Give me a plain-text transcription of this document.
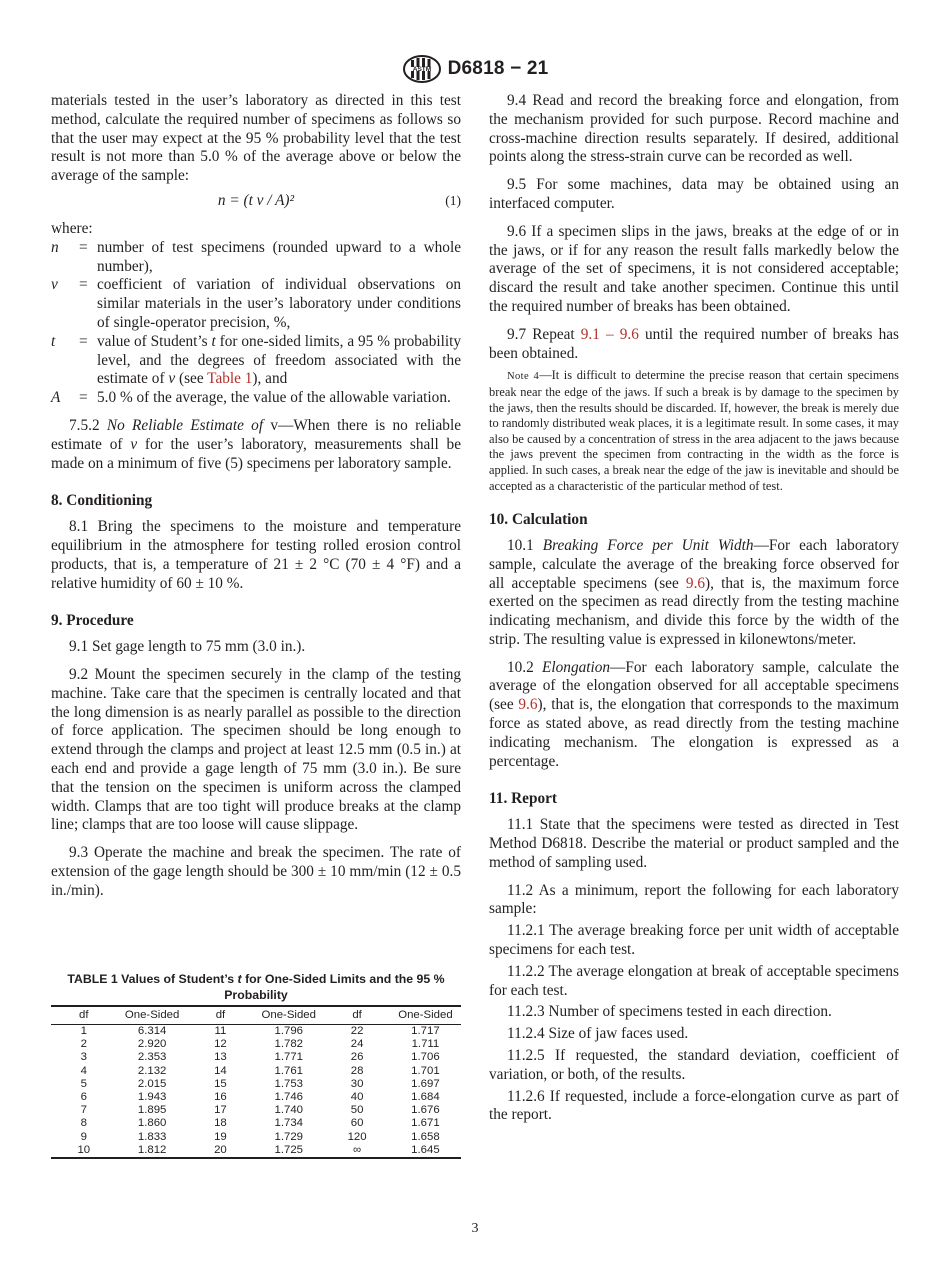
ASTM D6818 − 21

materials tested in the user’s laboratory as directed in this test method, calculate the required number of specimens as follows so that the user may expect at the 95 % probability level that the test result is not more than 5.0 % of the average above or below the average of the sample:

n = (t v / A)²	(1)

where:

n	= number of test specimens (rounded upward to a whole number),
v	= coefficient of variation of individual observations on similar materials in the user’s laboratory under conditions of single-operator precision, %,
t	= value of Student’s t for one-sided limits, a 95 % probability level, and the degrees of freedom associated with the estimate of v (see Table 1), and
A	= 5.0 % of the average, the value of the allowable variation.

7.5.2 No Reliable Estimate of v—When there is no reliable estimate of v for the user’s laboratory, measurements shall be made on a minimum of five (5) specimens per laboratory sample.

8. Conditioning

8.1 Bring the specimens to the moisture and temperature equilibrium in the atmosphere for testing rolled erosion control products, that is, a temperature of 21 ± 2 °C (70 ± 4 °F) and a relative humidity of 60 ± 10 %.

9. Procedure

9.1 Set gage length to 75 mm (3.0 in.).

9.2 Mount the specimen securely in the clamp of the testing machine. Take care that the specimen is centrally located and that the long dimension is as nearly parallel as possible to the direction of force application. The specimen should be long enough to extend through the clamps and project at least 12.5 mm (0.5 in.) at each end and provide a gage length of 75 mm (3.0 in.). Be sure that the tension on the specimen is uniform across the clamped width. Clamps that are too tight will produce breaks at the clamp line; clamps that are too loose will cause slippage.

9.3 Operate the machine and break the specimen. The rate of extension of the gage length should be 300 ± 10 mm/min (12 ± 0.5 in./min).

TABLE 1 Values of Student’s t for One-Sided Limits and the 95 % Probability
df	One-Sided	df	One-Sided	df	One-Sided
1	6.314	11	1.796	22	1.717
2	2.920	12	1.782	24	1.711
3	2.353	13	1.771	26	1.706
4	2.132	14	1.761	28	1.701
5	2.015	15	1.753	30	1.697
6	1.943	16	1.746	40	1.684
7	1.895	17	1.740	50	1.676
8	1.860	18	1.734	60	1.671
9	1.833	19	1.729	120	1.658
10	1.812	20	1.725	∞	1.645

9.4 Read and record the breaking force and elongation, from the mechanism provided for such purpose. Record machine and cross-machine direction results separately. If desired, additional points along the stress-strain curve can be recorded as well.

9.5 For some machines, data may be obtained using an interfaced computer.

9.6 If a specimen slips in the jaws, breaks at the edge of or in the jaws, or if for any reason the result falls markedly below the average of the set of specimens, it is not considered acceptable; discard the result and take another specimen. Continue this until the required number of breaks has been obtained.

9.7 Repeat 9.1 – 9.6 until the required number of breaks has been obtained.

Note 4—It is difficult to determine the precise reason that certain specimens break near the edge of the jaws. If such a break is by damage to the specimen by the jaws, then the results should be discarded. If, however, the break is merely due to randomly distributed weak places, it is a legitimate result. In some cases, it may also be caused by a concentration of stress in the area adjacent to the jaws because the jaws prevent the specimen from contracting in the width as the force is applied. In such cases, a break near the edge of the jaw is inevitable and should be accepted as a characteristic of the particular method of test.

10. Calculation

10.1 Breaking Force per Unit Width—For each laboratory sample, calculate the average of the breaking force observed for all acceptable specimens (see 9.6), that is, the maximum force exerted on the specimen as read directly from the testing machine indicating mechanism, and divide this force by the width of the strip. The resulting value is expressed in kilonewtons/meter.

10.2 Elongation—For each laboratory sample, calculate the average of the elongation observed for all acceptable specimens (see 9.6), that is, the elongation that corresponds to the maximum force as stated above, as read directly from the testing machine indicating mechanism. The elongation is expressed as a percentage.

11. Report

11.1 State that the specimens were tested as directed in Test Method D6818. Describe the material or product sampled and the method of sampling used.

11.2 As a minimum, report the following for each laboratory sample:

11.2.1 The average breaking force per unit width of acceptable specimens for each test.

11.2.2 The average elongation at break of acceptable specimens for each test.

11.2.3 Number of specimens tested in each direction.

11.2.4 Size of jaw faces used.

11.2.5 If requested, the standard deviation, coefficient of variation, or both, of the results.

11.2.6 If requested, include a force-elongation curve as part of the report.

3
